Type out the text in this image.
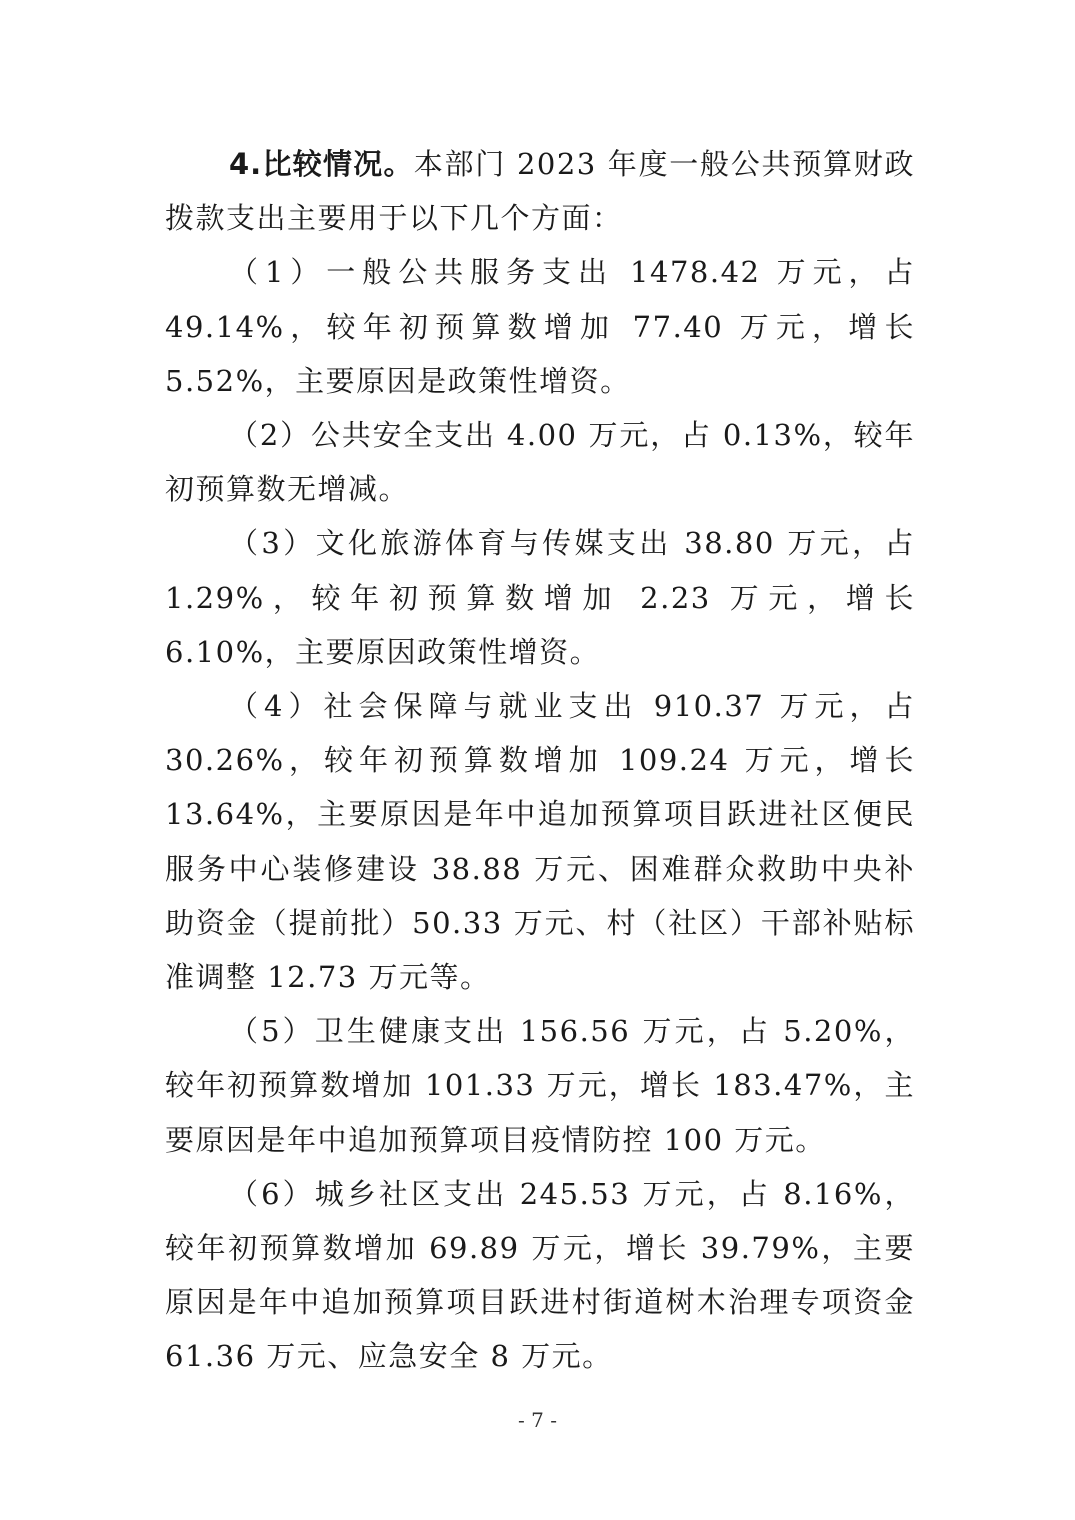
4.比较情况。本部门 2023 年度一般公共预算财政拨款支出主要用于以下几个方面：

（1）一般公共服务支出 1478.42 万元，占 49.14%，较年初预算数增加 77.40 万元，增长 5.52%，主要原因是政策性增资。

（2）公共安全支出 4.00 万元，占 0.13%，较年初预算数无增减。

（3）文化旅游体育与传媒支出 38.80 万元，占 1.29%，较年初预算数增加 2.23 万元，增长 6.10%，主要原因政策性增资。

（4）社会保障与就业支出 910.37 万元，占 30.26%，较年初预算数增加 109.24 万元，增长 13.64%，主要原因是年中追加预算项目跃进社区便民服务中心装修建设 38.88 万元、困难群众救助中央补助资金（提前批）50.33 万元、村（社区）干部补贴标准调整 12.73 万元等。

（5）卫生健康支出 156.56 万元，占 5.20%，较年初预算数增加 101.33 万元，增长 183.47%，主要原因是年中追加预算项目疫情防控 100 万元。

（6）城乡社区支出 245.53 万元，占 8.16%，较年初预算数增加 69.89 万元，增长 39.79%，主要原因是年中追加预算项目跃进村街道树木治理专项资金 61.36 万元、应急安全 8 万元。

- 7 -
